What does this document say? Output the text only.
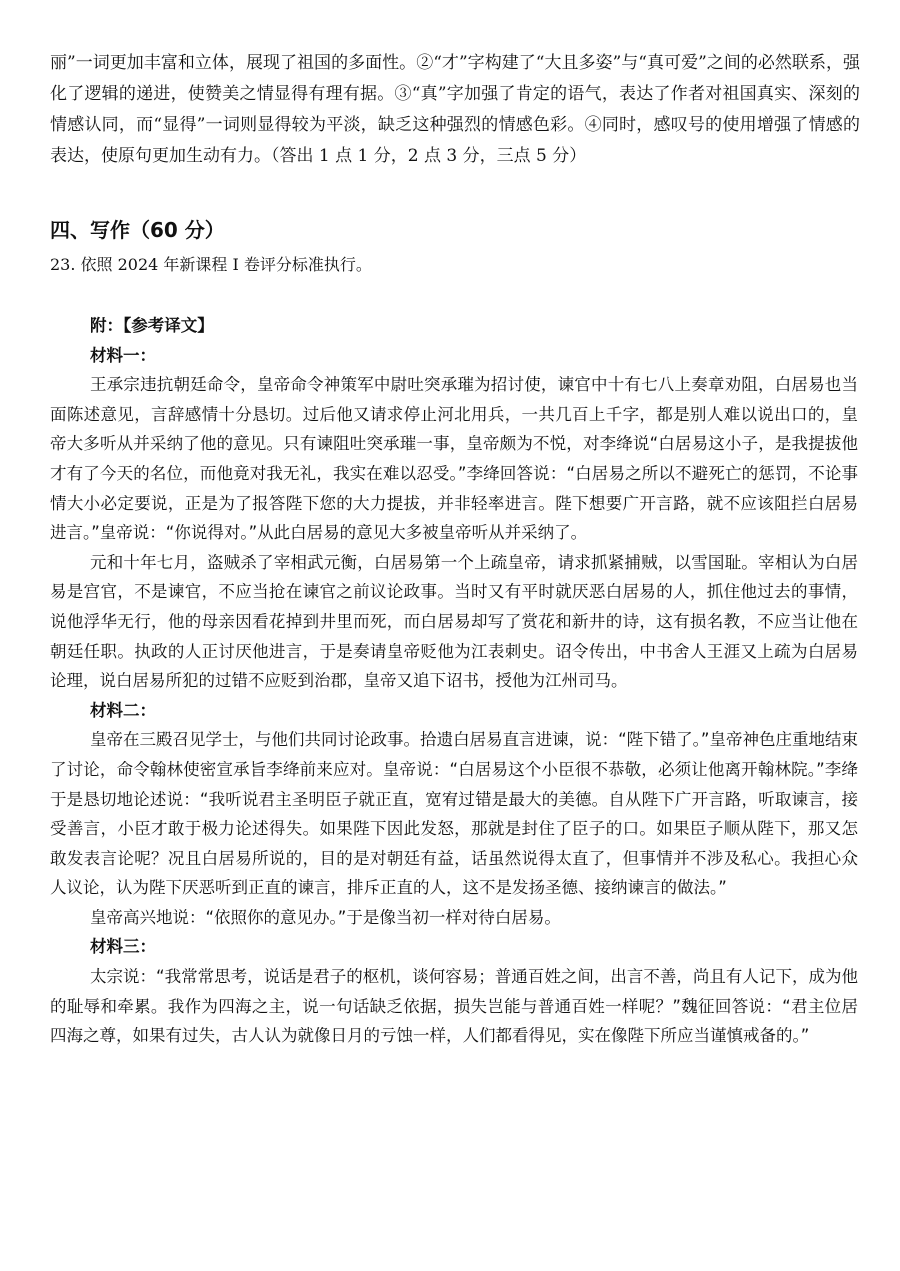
丽”一词更加丰富和立体，展现了祖国的多面性。②“才”字构建了“大且多姿”与“真可爱”之间的必然联系，强化了逻辑的递进，使赞美之情显得有理有据。③“真”字加强了肯定的语气，表达了作者对祖国真实、深刻的情感认同，而“显得”一词则显得较为平淡，缺乏这种强烈的情感色彩。④同时，感叹号的使用增强了情感的表达，使原句更加生动有力。（答出 1 点 1 分，2 点 3 分，三点 5 分）
四、写作（60 分）
23. 依照 2024 年新课程 I 卷评分标准执行。
附：【参考译文】
材料一：
王承宗违抗朝廷命令，皇帝命令神策军中尉吐突承璀为招讨使，谏官中十有七八上奏章劝阻，白居易也当面陈述意见，言辞感情十分恳切。过后他又请求停止河北用兵，一共几百上千字，都是别人难以说出口的，皇帝大多听从并采纳了他的意见。只有谏阻吐突承璀一事，皇帝颇为不悦，对李绛说“白居易这小子，是我提拔他才有了今天的名位，而他竟对我无礼，我实在难以忍受。”李绛回答说：“白居易之所以不避死亡的惩罚，不论事情大小必定要说，正是为了报答陛下您的大力提拔，并非轻率进言。陛下想要广开言路，就不应该阻拦白居易进言。”皇帝说：“你说得对。”从此白居易的意见大多被皇帝听从并采纳了。
元和十年七月，盗贼杀了宰相武元衡，白居易第一个上疏皇帝，请求抓紧捕贼，以雪国耻。宰相认为白居易是宫官，不是谏官，不应当抢在谏官之前议论政事。当时又有平时就厌恶白居易的人，抓住他过去的事情，说他浮华无行，他的母亲因看花掉到井里而死，而白居易却写了赏花和新井的诗，这有损名教，不应当让他在朝廷任职。执政的人正讨厌他进言，于是奏请皇帝贬他为江表刺史。诏令传出，中书舍人王涯又上疏为白居易论理，说白居易所犯的过错不应贬到治郡，皇帝又追下诏书，授他为江州司马。
材料二：
皇帝在三殿召见学士，与他们共同讨论政事。拾遗白居易直言进谏，说：“陛下错了。”皇帝神色庄重地结束了讨论，命令翰林使密宣承旨李绛前来应对。皇帝说：“白居易这个小臣很不恭敬，必须让他离开翰林院。”李绛于是恳切地论述说：“我听说君主圣明臣子就正直，宽宥过错是最大的美德。自从陛下广开言路，听取谏言，接受善言，小臣才敢于极力论述得失。如果陛下因此发怒，那就是封住了臣子的口。如果臣子顺从陛下，那又怎敢发表言论呢？况且白居易所说的，目的是对朝廷有益，话虽然说得太直了，但事情并不涉及私心。我担心众人议论，认为陛下厌恶听到正直的谏言，排斥正直的人，这不是发扬圣德、接纳谏言的做法。”
皇帝高兴地说：“依照你的意见办。”于是像当初一样对待白居易。
材料三：
太宗说：“我常常思考，说话是君子的枢机，谈何容易；普通百姓之间，出言不善，尚且有人记下，成为他的耻辱和牵累。我作为四海之主，说一句话缺乏依据，损失岂能与普通百姓一样呢？”魏征回答说：“君主位居四海之尊，如果有过失，古人认为就像日月的亏蚀一样，人们都看得见，实在像陛下所应当谨慎戒备的。”
